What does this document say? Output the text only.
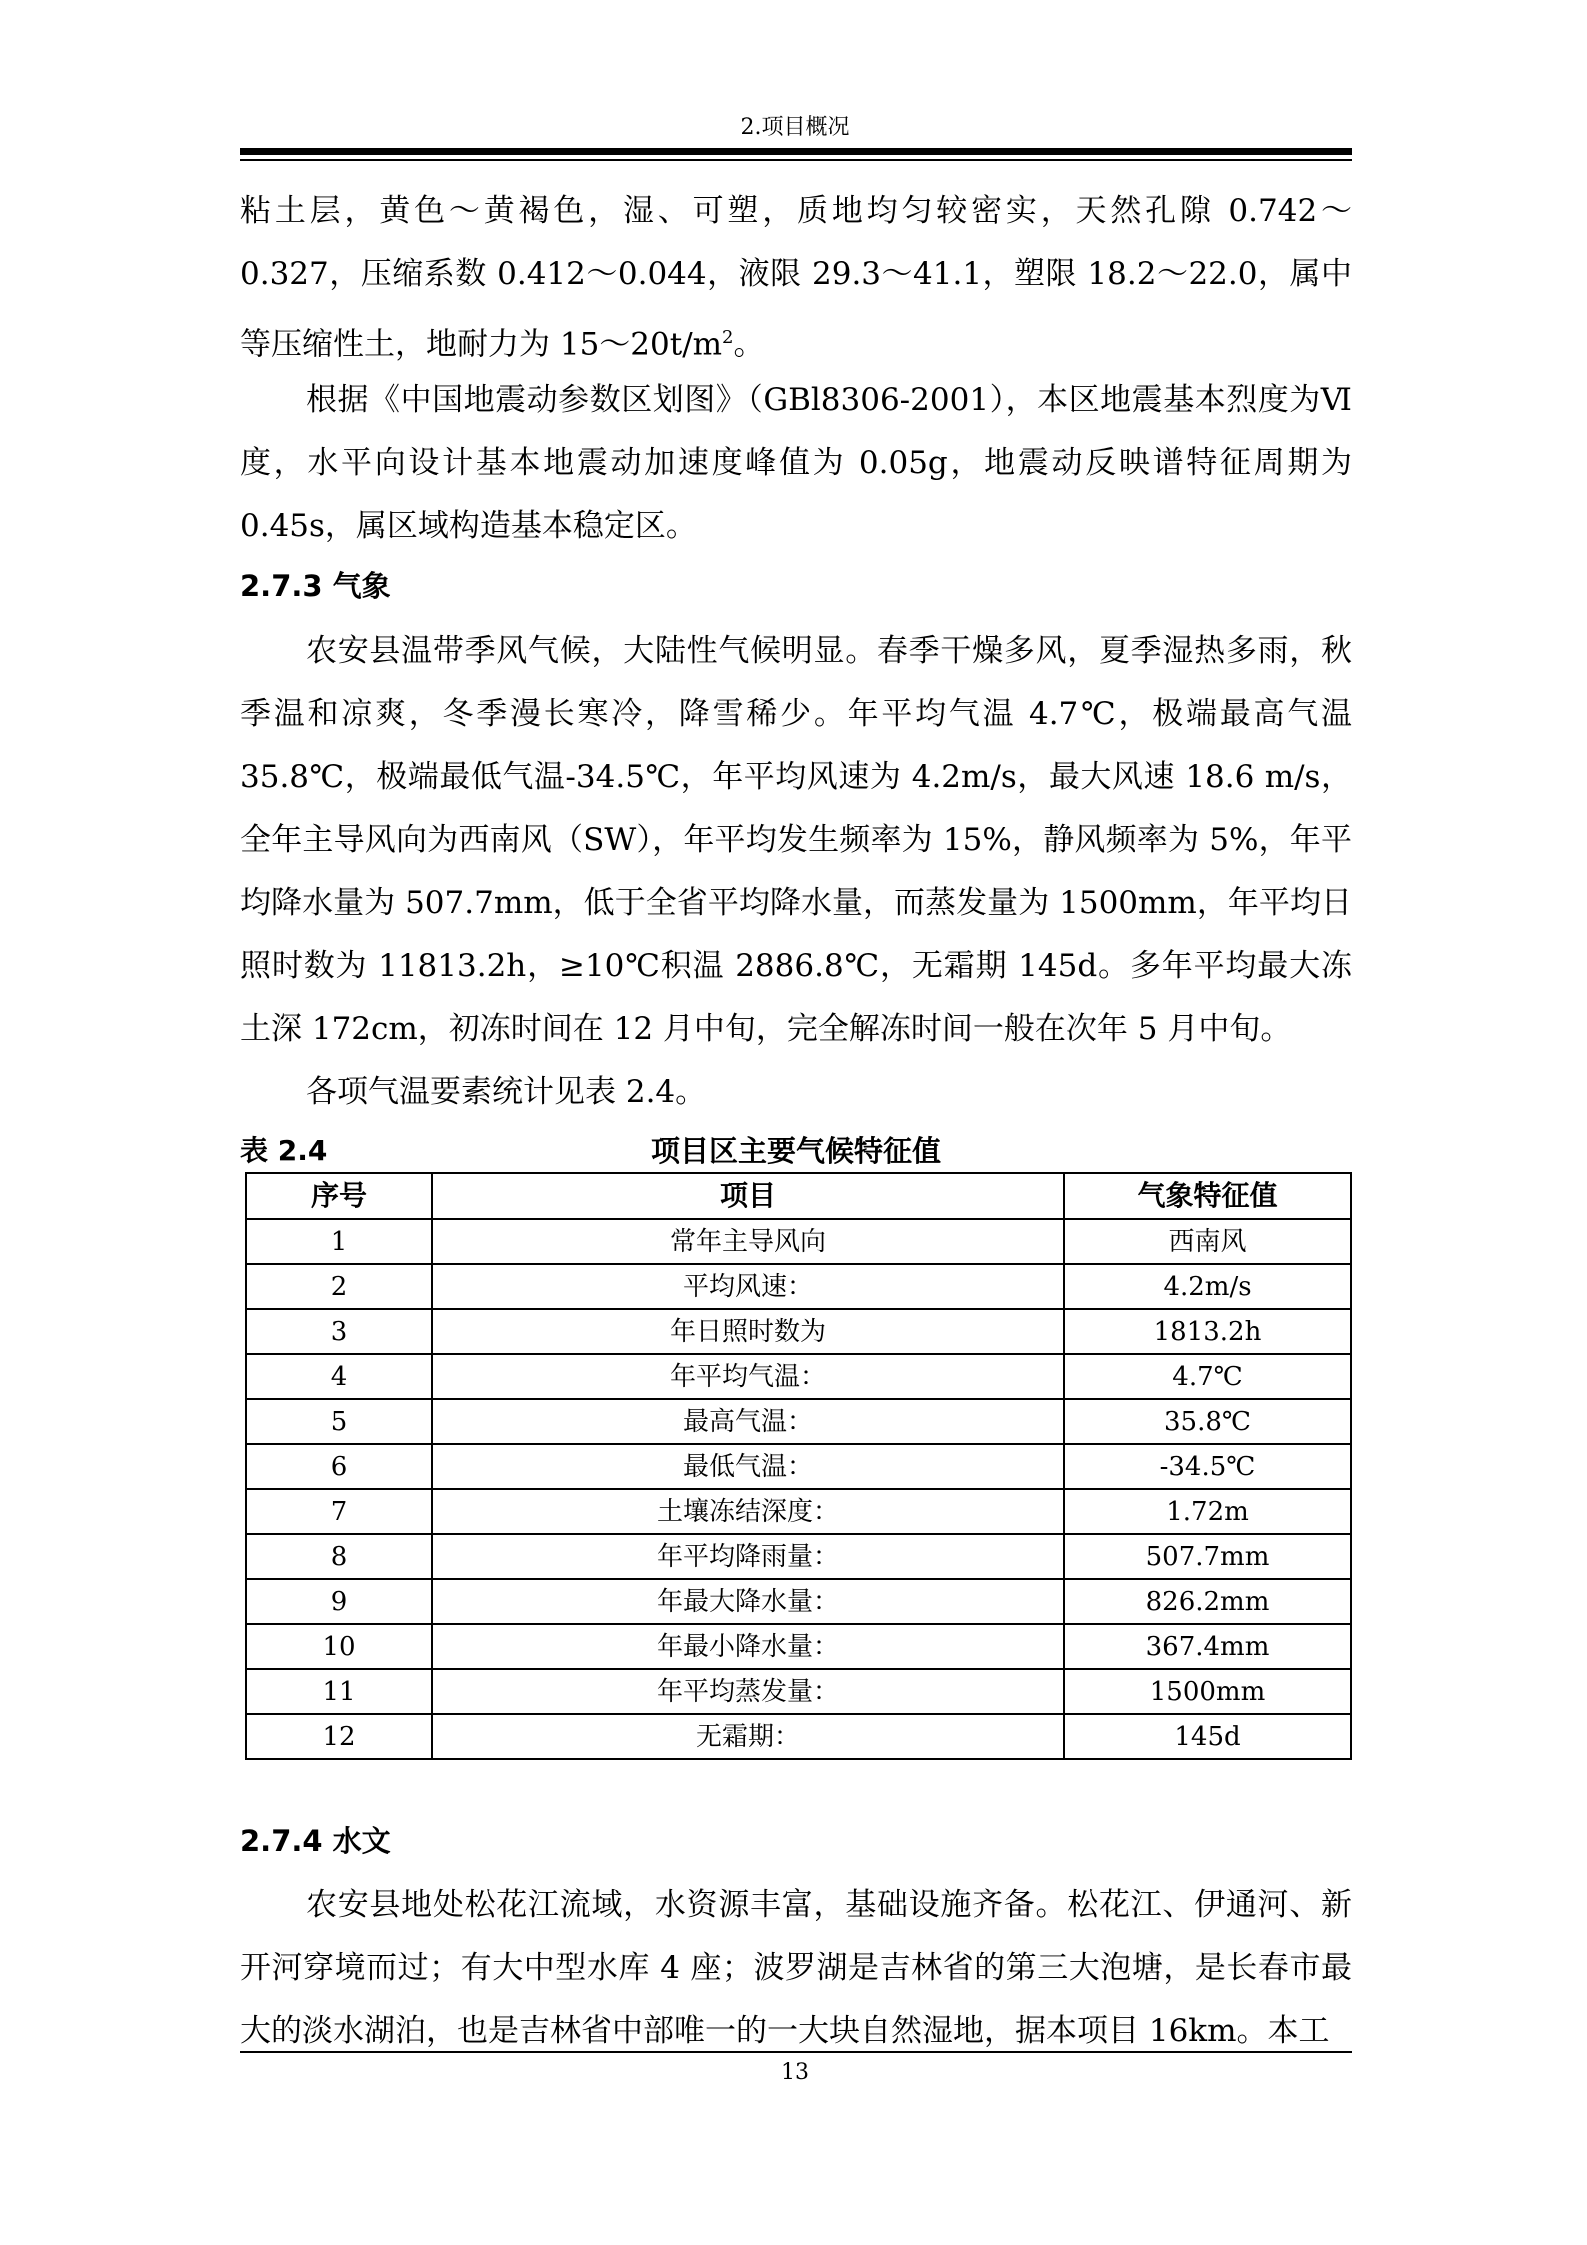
2.项目概况

粘土层，黄色～黄褐色，湿、可塑，质地均匀较密实，天然孔隙 0.742～0.327，压缩系数 0.412～0.044，液限 29.3～41.1，塑限 18.2～22.0，属中等压缩性土，地耐力为 $15\sim 20t/m^2$。

根据《中国地震动参数区划图》（GBl8306-2001），本区地震基本烈度为Ⅵ度，水平向设计基本地震动加速度峰值为 0.05g，地震动反映谱特征周期为 0.45s，属区域构造基本稳定区。

2.7.3 气象

农安县温带季风气候，大陆性气候明显。春季干燥多风，夏季湿热多雨，秋季温和凉爽，冬季漫长寒冷，降雪稀少。年平均气温 4.7℃，极端最高气温 35.8℃，极端最低气温-34.5℃，年平均风速为 4.2m/s，最大风速 18.6 m/s，全年主导风向为西南风（SW），年平均发生频率为 15%，静风频率为 5%，年平均降水量为 507.7mm，低于全省平均降水量，而蒸发量为 1500mm，年平均日照时数为 11813.2h，≥10℃积温 2886.8℃，无霜期 145d。多年平均最大冻土深 172cm，初冻时间在 12 月中旬，完全解冻时间一般在次年 5 月中旬。

各项气温要素统计见表 2.4。

表 2.4	项目区主要气候特征值
序号	项目	气象特征值
1	常年主导风向	西南风
2	平均风速：	4.2m/s
3	年日照时数为	1813.2h
4	年平均气温：	4.7℃
5	最高气温：	35.8℃
6	最低气温：	-34.5℃
7	土壤冻结深度：	1.72m
8	年平均降雨量：	507.7mm
9	年最大降水量：	826.2mm
10	年最小降水量：	367.4mm
11	年平均蒸发量：	1500mm
12	无霜期：	145d
2.7.4 水文

农安县地处松花江流域，水资源丰富，基础设施齐备。松花江、伊通河、新开河穿境而过；有大中型水库 4 座；波罗湖是吉林省的第三大泡塘，是长春市最大的淡水湖泊，也是吉林省中部唯一的一大块自然湿地，据本项目 16km。本工

13
